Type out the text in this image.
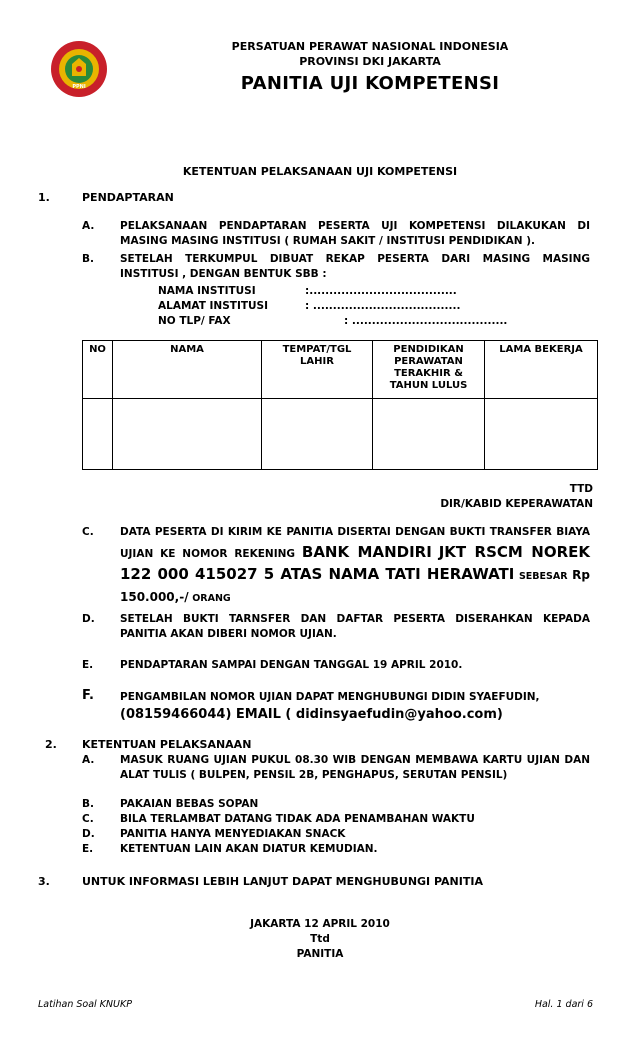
PPNI
PERSATUAN PERAWAT NASIONAL INDONESIA
PROVINSI DKI JAKARTA
PANITIA UJI KOMPETENSI
KETENTUAN PELAKSANAAN UJI KOMPETENSI
1.	PENDAPTARAN
A. PELAKSANAAN PENDAPTARAN PESERTA UJI KOMPETENSI DILAKUKAN DI MASING MASING INSTITUSI ( RUMAH SAKIT / INSTITUSI PENDIDIKAN ).
B. SETELAH TERKUMPUL DIBUAT REKAP PESERTA DARI MASING MASING INSTITUSI , DENGAN BENTUK SBB :
NAMA INSTITUSI	:.....................................
ALAMAT INSTITUSI	: .....................................
NO TLP/ FAX	: .......................................
NO	NAMA	TEMPAT/TGL LAHIR	PENDIDIKAN PERAWATAN TERAKHIR & TAHUN LULUS	LAMA BEKERJA

TTD
DIR/KABID KEPERAWATAN
C.	DATA PESERTA DI KIRIM KE PANITIA DISERTAI DENGAN BUKTI TRANSFER BIAYA UJIAN KE NOMOR REKENING BANK MANDIRI JKT RSCM NOREK 122 000 415027 5 ATAS NAMA TATI HERAWATI SEBESAR Rp 150.000,-/ ORANG
D. SETELAH BUKTI TARNSFER DAN DAFTAR PESERTA DISERAHKAN KEPADA PANITIA AKAN DIBERI NOMOR UJIAN.
E.	PENDAPTARAN SAMPAI DENGAN TANGGAL 19 APRIL 2010.
F. PENGAMBILAN NOMOR UJIAN DAPAT MENGHUBUNGI DIDIN SYAEFUDIN,
(08159466044) EMAIL ( didinsyaefudin@yahoo.com)
2. KETENTUAN PELAKSANAAN
A. MASUK RUANG UJIAN PUKUL 08.30 WIB DENGAN MEMBAWA KARTU UJIAN DAN ALAT TULIS ( BULPEN, PENSIL 2B, PENGHAPUS, SERUTAN PENSIL)
B. PAKAIAN BEBAS SOPAN
C.	BILA TERLAMBAT DATANG TIDAK ADA PENAMBAHAN WAKTU
D. PANITIA HANYA MENYEDIAKAN SNACK
E.	KETENTUAN LAIN AKAN DIATUR KEMUDIAN.
3.	UNTUK INFORMASI LEBIH LANJUT DAPAT MENGHUBUNGI PANITIA
JAKARTA 12 APRIL 2010
Ttd
PANITIA
Latihan Soal KNUKP	Hal. 1 dari 6
